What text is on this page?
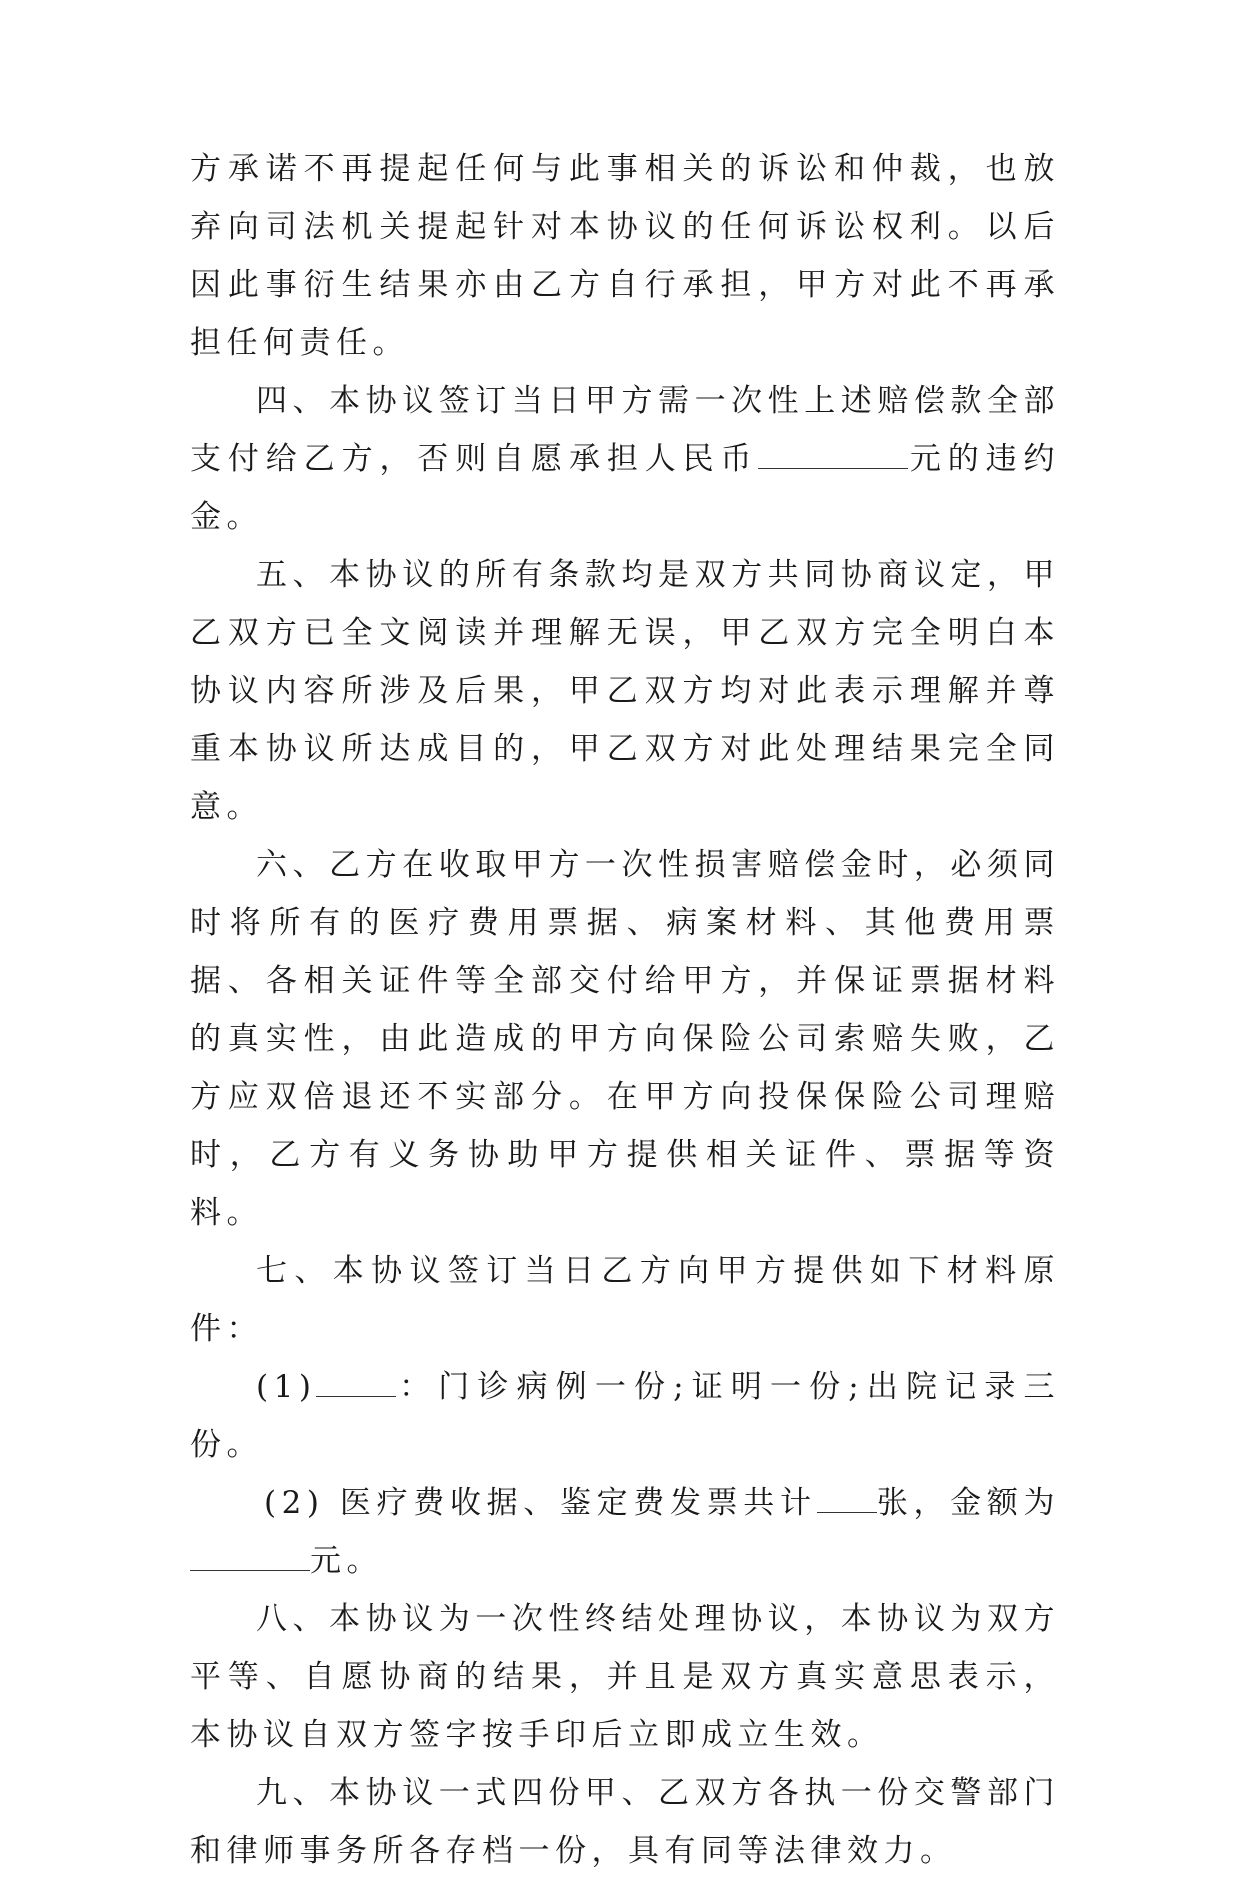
方承诺不再提起任何与此事相关的诉讼和仲裁，也放弃向司法机关提起针对本协议的任何诉讼权利。以后因此事衍生结果亦由乙方自行承担，甲方对此不再承担任何责任。

四、本协议签订当日甲方需一次性上述赔偿款全部支付给乙方，否则自愿承担人民币	元的违约金。

五、本协议的所有条款均是双方共同协商议定，甲乙双方已全文阅读并理解无误，甲乙双方完全明白本协议内容所涉及后果，甲乙双方均对此表示理解并尊重本协议所达成目的，甲乙双方对此处理结果完全同意。

六、乙方在收取甲方一次性损害赔偿金时，必须同时将所有的医疗费用票据、病案材料、其他费用票据、各相关证件等全部交付给甲方，并保证票据材料的真实性，由此造成的甲方向保险公司索赔失败，乙方应双倍退还不实部分。在甲方向投保保险公司理赔时，乙方有义务协助甲方提供相关证件、票据等资料。

七、本协议签订当日乙方向甲方提供如下材料原件：

(1)	：门诊病例一份;证明一份;出院记录三份。

(2) 医疗费收据、鉴定费发票共计 张，金额为

元。

八、本协议为一次性终结处理协议，本协议为双方平等、自愿协商的结果，并且是双方真实意思表示，本协议自双方签字按手印后立即成立生效。

九、本协议一式四份甲、乙双方各执一份交警部门和律师事务所各存档一份，具有同等法律效力。
